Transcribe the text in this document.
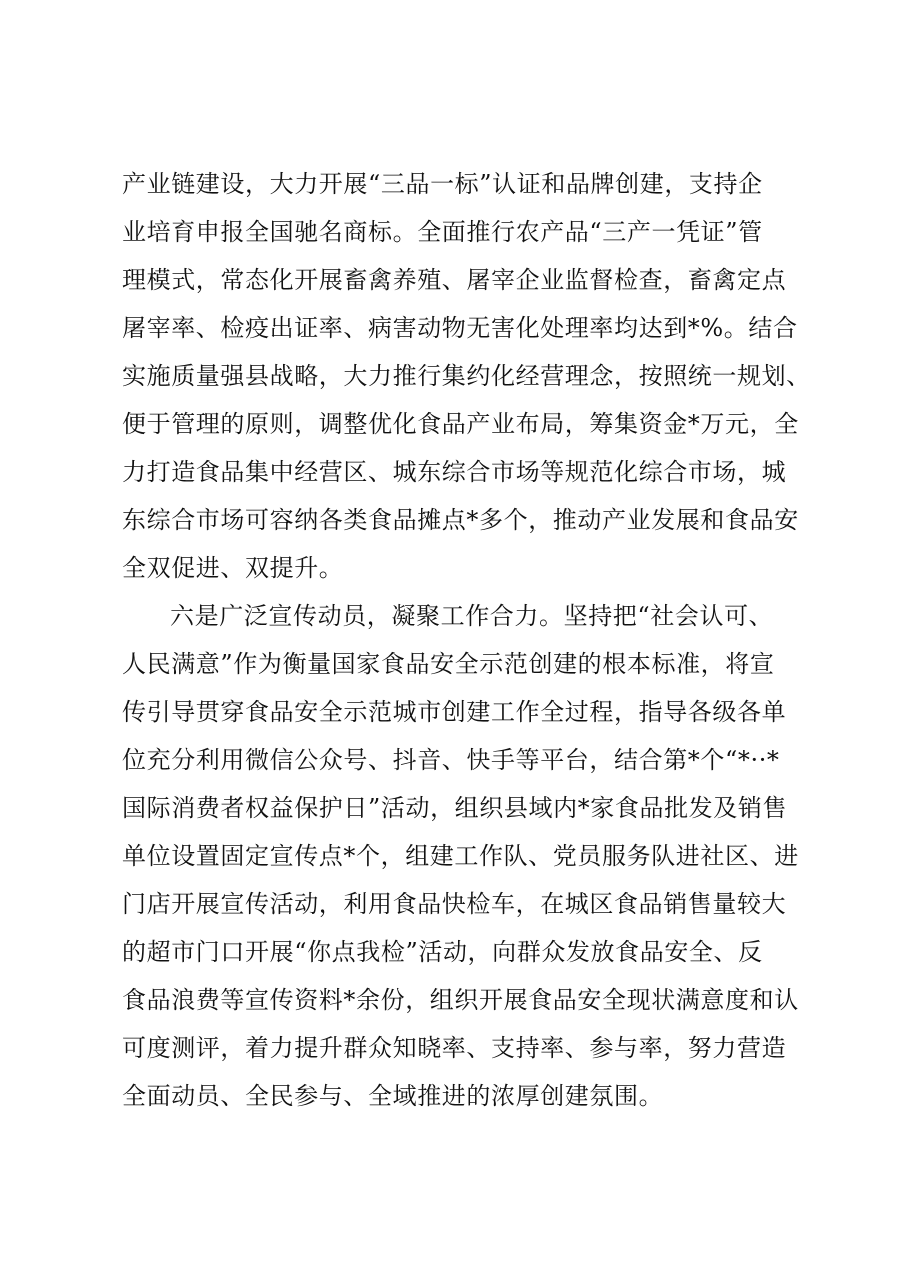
产业链建设，大力开展“三品一标”认证和品牌创建，支持企
业培育申报全国驰名商标。全面推行农产品“三产一凭证”管
理模式，常态化开展畜禽养殖、屠宰企业监督检查，畜禽定点
屠宰率、检疫出证率、病害动物无害化处理率均达到*%。结合
实施质量强县战略，大力推行集约化经营理念，按照统一规划、
便于管理的原则，调整优化食品产业布局，筹集资金*万元，全
力打造食品集中经营区、城东综合市场等规范化综合市场，城
东综合市场可容纳各类食品摊点*多个，推动产业发展和食品安
全双促进、双提升。
六是广泛宣传动员，凝聚工作合力。坚持把“社会认可、
人民满意”作为衡量国家食品安全示范创建的根本标准，将宣
传引导贯穿食品安全示范城市创建工作全过程，指导各级各单
位充分利用微信公众号、抖音、快手等平台，结合第*个“*··*
国际消费者权益保护日”活动，组织县域内*家食品批发及销售
单位设置固定宣传点*个，组建工作队、党员服务队进社区、进
门店开展宣传活动，利用食品快检车，在城区食品销售量较大
的超市门口开展“你点我检”活动，向群众发放食品安全、反
食品浪费等宣传资料*余份，组织开展食品安全现状满意度和认
可度测评，着力提升群众知晓率、支持率、参与率，努力营造
全面动员、全民参与、全域推进的浓厚创建氛围。
